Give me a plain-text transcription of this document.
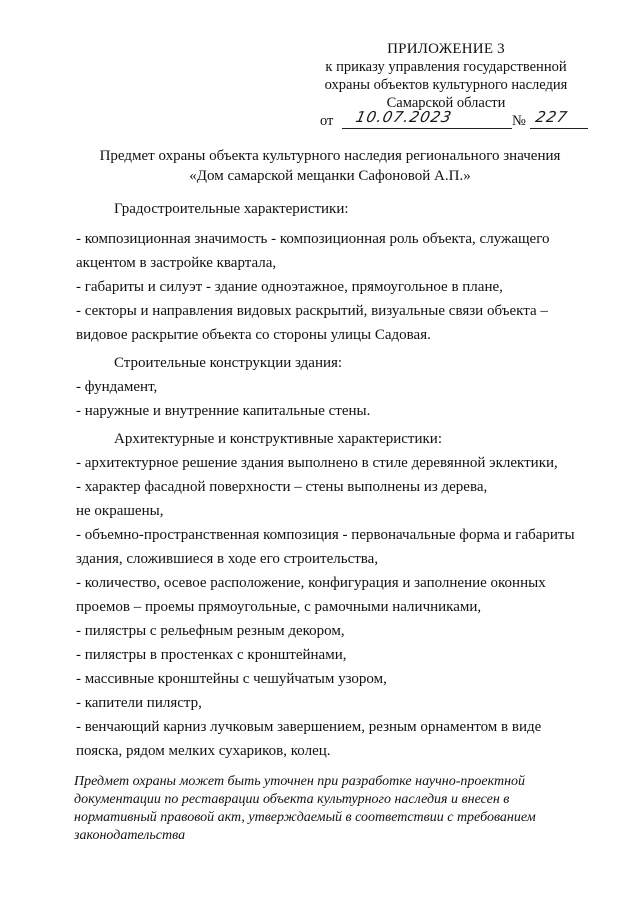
ПРИЛОЖЕНИЕ 3
к приказу управления государственной
охраны объектов культурного наследия
Самарской области
от 10.07.2023	№ 227
Предмет охраны объекта культурного наследия регионального значения
«Дом самарской мещанки Сафоновой А.П.»

Градостроительные характеристики:

- композиционная значимость - композиционная роль объекта, служащего

акцентом в застройке квартала,

- габариты и силуэт - здание одноэтажное, прямоугольное в плане,

- секторы и направления видовых раскрытий, визуальные связи объекта –

видовое раскрытие объекта со стороны улицы Садовая.

Строительные конструкции здания:

- фундамент,

- наружные и внутренние капитальные стены.

Архитектурные и конструктивные характеристики:

- архитектурное решение здания выполнено в стиле деревянной эклектики,

- характер фасадной поверхности – стены выполнены из дерева,

не окрашены,

- объемно-пространственная композиция - первоначальные форма и габариты

здания, сложившиеся в ходе его строительства,

- количество, осевое расположение, конфигурация и заполнение оконных

проемов – проемы прямоугольные, с рамочными наличниками,

- пилястры с рельефным резным декором,

- пилястры в простенках с кронштейнами,

- массивные кронштейны с чешуйчатым узором,

- капители пилястр,

- венчающий карниз лучковым завершением, резным орнаментом в виде

пояска, рядом мелких сухариков, колец.

Предмет охраны может быть уточнен при разработке научно-проектной
документации по реставрации объекта культурного наследия и внесен в
нормативный правовой акт, утверждаемый в соответствии с требованием
законодательства
